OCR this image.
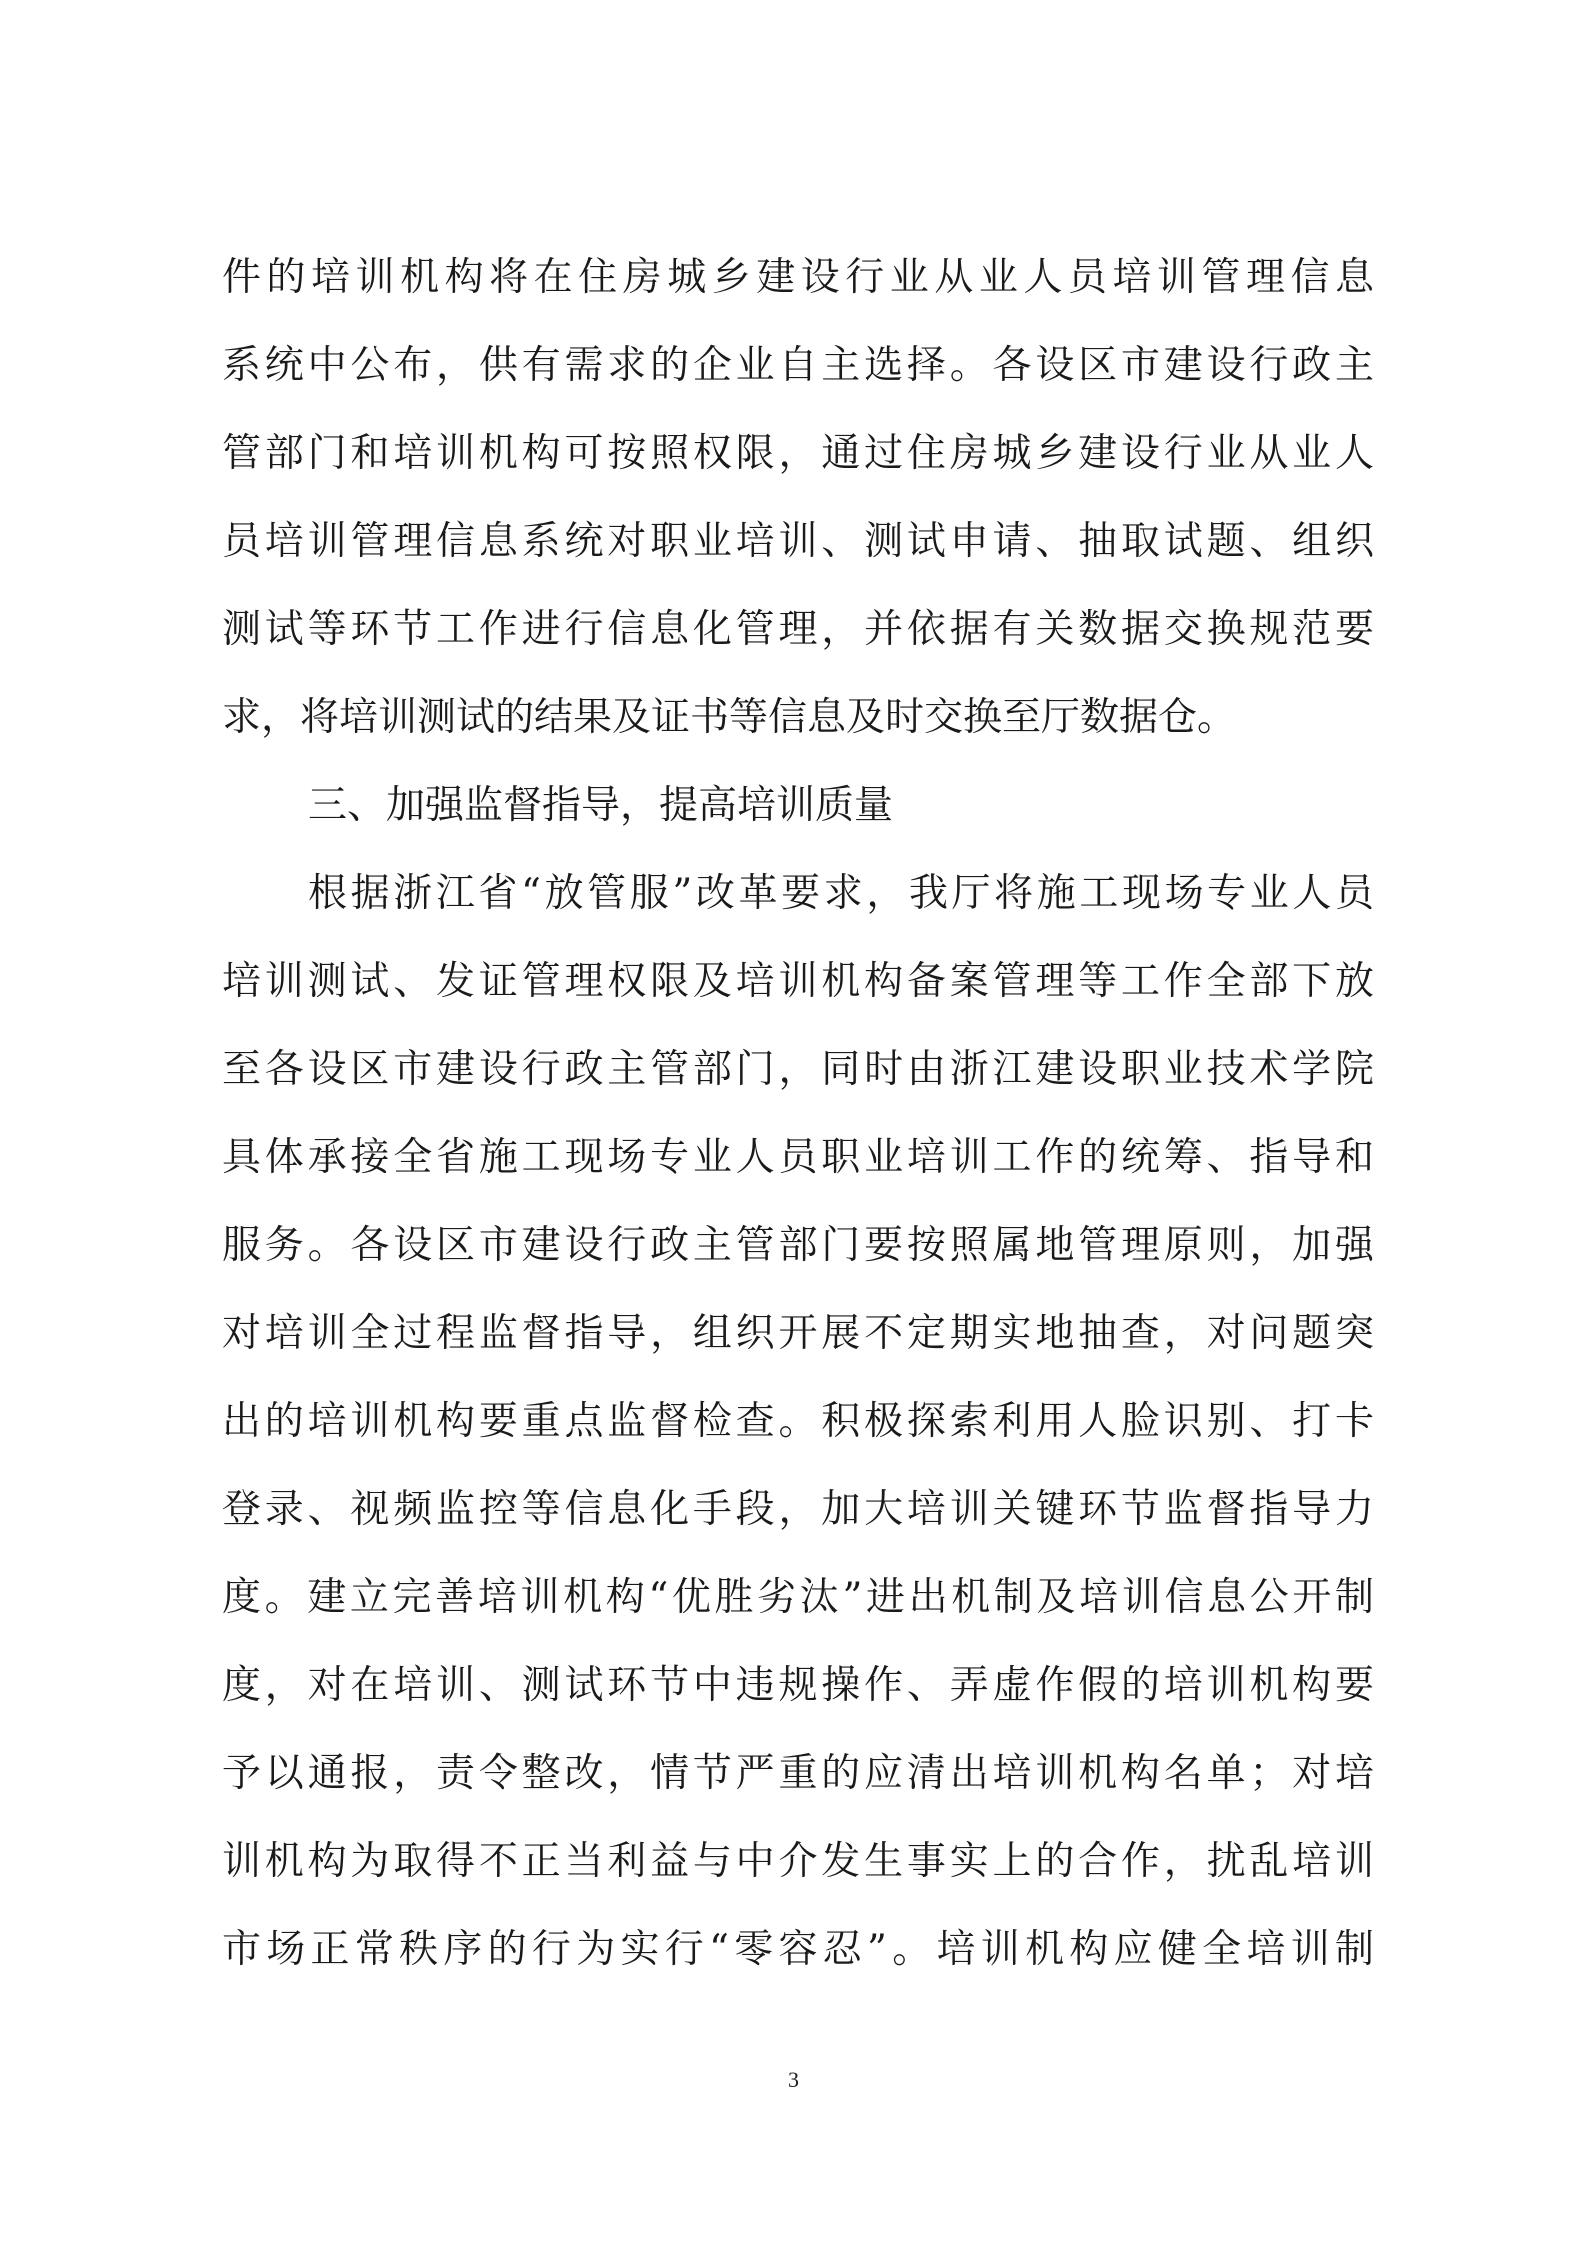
件的培训机构将在住房城乡建设行业从业人员培训管理信息
系统中公布，供有需求的企业自主选择。各设区市建设行政主
管部门和培训机构可按照权限，通过住房城乡建设行业从业人
员培训管理信息系统对职业培训、测试申请、抽取试题、组织
测试等环节工作进行信息化管理，并依据有关数据交换规范要
求，将培训测试的结果及证书等信息及时交换至厅数据仓。
三、加强监督指导，提高培训质量
根据浙江省“放管服”改革要求，我厅将施工现场专业人员
培训测试、发证管理权限及培训机构备案管理等工作全部下放
至各设区市建设行政主管部门，同时由浙江建设职业技术学院
具体承接全省施工现场专业人员职业培训工作的统筹、指导和
服务。各设区市建设行政主管部门要按照属地管理原则，加强
对培训全过程监督指导，组织开展不定期实地抽查，对问题突
出的培训机构要重点监督检查。积极探索利用人脸识别、打卡
登录、视频监控等信息化手段，加大培训关键环节监督指导力
度。建立完善培训机构“优胜劣汰”进出机制及培训信息公开制
度，对在培训、测试环节中违规操作、弄虚作假的培训机构要
予以通报，责令整改，情节严重的应清出培训机构名单；对培
训机构为取得不正当利益与中介发生事实上的合作，扰乱培训
市场正常秩序的行为实行“零容忍”。培训机构应健全培训制
3
